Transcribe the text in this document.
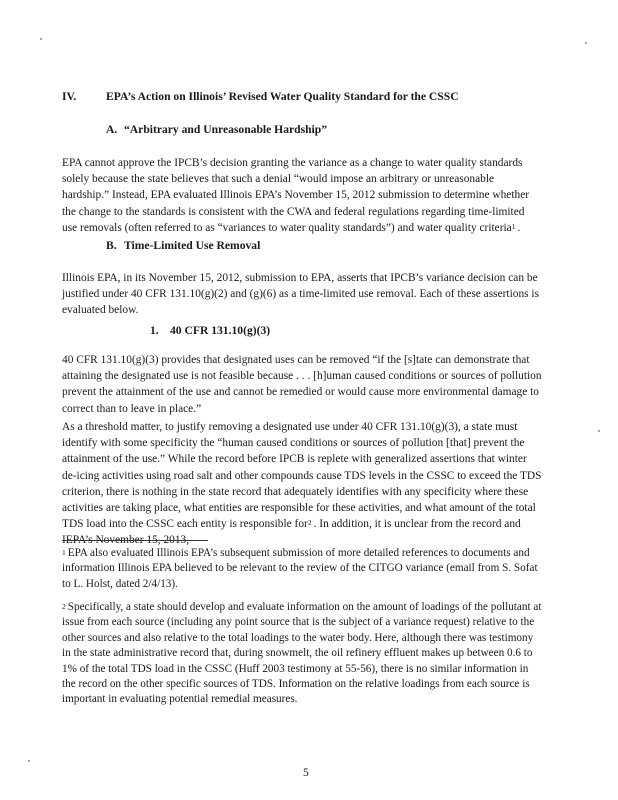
IV.	EPA’s Action on Illinois’ Revised Water Quality Standard for the CSSC
A. “Arbitrary and Unreasonable Hardship”

EPA cannot approve the IPCB’s decision granting the variance as a change to water quality standards solely because the state believes that such a denial “would impose an arbitrary or unreasonable hardship.” Instead, EPA evaluated Illinois EPA’s November 15, 2012 submission to determine whether the change to the standards is consistent with the CWA and federal regulations regarding time-limited use removals (often referred to as “variances to water quality standards”) and water quality criteria$^1$ .

B. Time-Limited Use Removal

Illinois EPA, in its November 15, 2012, submission to EPA, asserts that IPCB’s variance decision can be justified under 40 CFR 131.10(g)(2) and (g)(6) as a time-limited use removal. Each of these assertions is evaluated below.

1. 40 CFR 131.10(g)(3)

40 CFR 131.10(g)(3) provides that designated uses can be removed “if the [s]tate can demonstrate that attaining the designated use is not feasible because . . . [h]uman caused conditions or sources of pollution prevent the attainment of the use and cannot be remedied or would cause more environmental damage to correct than to leave in place.”

As a threshold matter, to justify removing a designated use under 40 CFR 131.10(g)(3), a state must identify with some specificity the “human caused conditions or sources of pollution [that] prevent the attainment of the use.” While the record before IPCB is replete with generalized assertions that winter de-icing activities using road salt and other compounds cause TDS levels in the CSSC to exceed the TDS criterion, there is nothing in the state record that adequately identifies with any specificity where these activities are taking place, what entities are responsible for these activities, and what amount of the total TDS load into the CSSC each entity is responsible for$^2$ . In addition, it is unclear from the record and IEPA’s November 15, 2013,

$^1$ EPA also evaluated Illinois EPA’s subsequent submission of more detailed references to documents and information Illinois EPA believed to be relevant to the review of the CITGO variance (email from S. Sofat to L. Holst, dated 2/4/13).

$^2$ Specifically, a state should develop and evaluate information on the amount of loadings of the pollutant at issue from each source (including any point source that is the subject of a variance request) relative to the other sources and also relative to the total loadings to the water body. Here, although there was testimony in the state administrative record that, during snowmelt, the oil refinery effluent makes up between 0.6 to 1% of the total TDS load in the CSSC (Huff 2003 testimony at 55-56), there is no similar information in the record on the other specific sources of TDS. Information on the relative loadings from each source is important in evaluating potential remedial measures.

5
